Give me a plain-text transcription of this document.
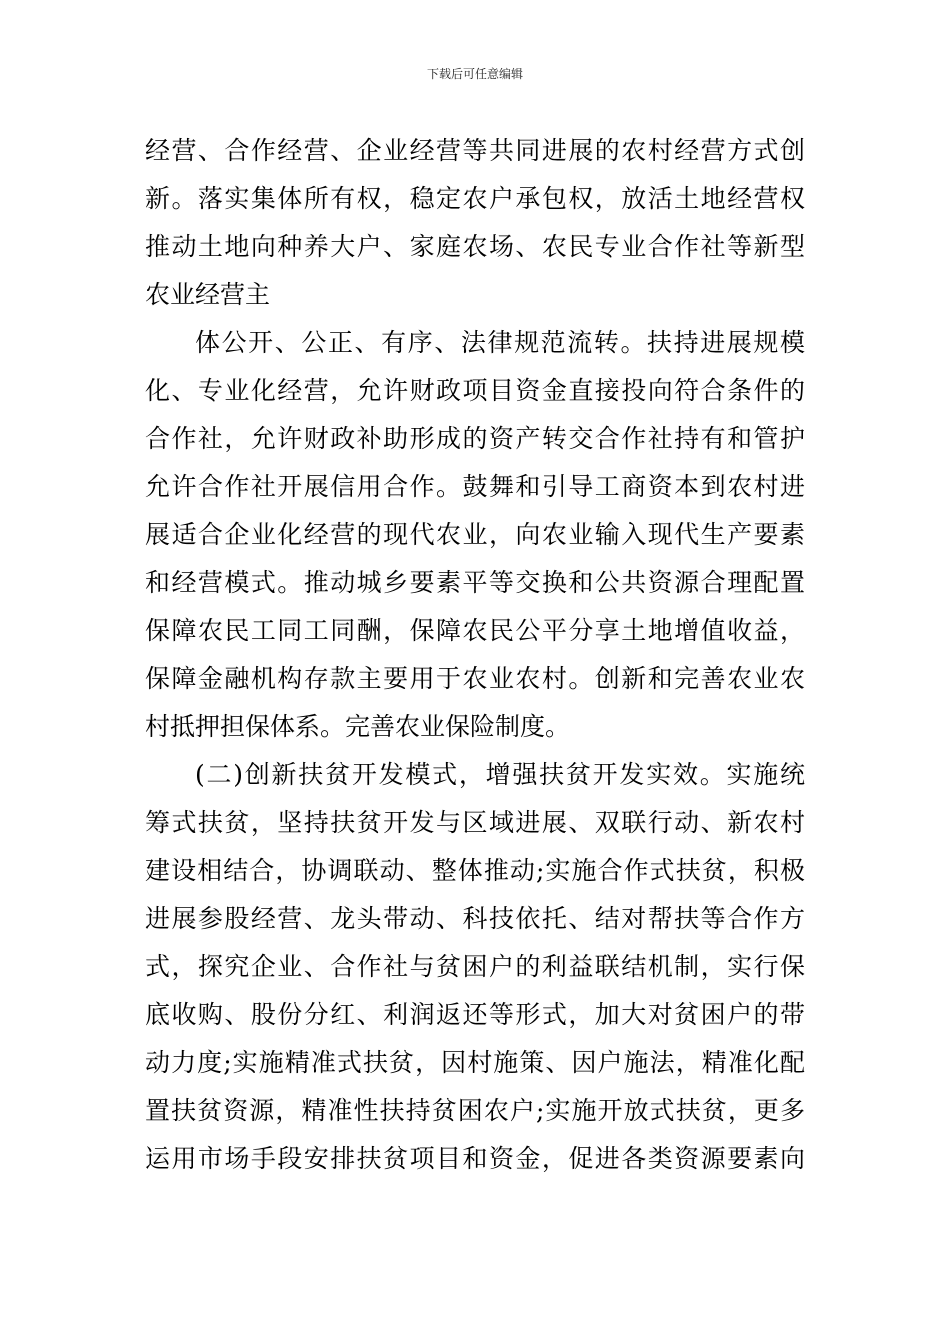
下载后可任意编辑
经营、合作经营、企业经营等共同进展的农村经营方式创
新。落实集体所有权，稳定农户承包权，放活土地经营权
推动土地向种养大户、家庭农场、农民专业合作社等新型
农业经营主
体公开、公正、有序、法律规范流转。扶持进展规模
化、专业化经营，允许财政项目资金直接投向符合条件的
合作社，允许财政补助形成的资产转交合作社持有和管护
允许合作社开展信用合作。鼓舞和引导工商资本到农村进
展适合企业化经营的现代农业，向农业输入现代生产要素
和经营模式。推动城乡要素平等交换和公共资源合理配置
保障农民工同工同酬，保障农民公平分享土地增值收益，
保障金融机构存款主要用于农业农村。创新和完善农业农
村抵押担保体系。完善农业保险制度。
(二)创新扶贫开发模式，增强扶贫开发实效。实施统
筹式扶贫，坚持扶贫开发与区域进展、双联行动、新农村
建设相结合，协调联动、整体推动;实施合作式扶贫，积极
进展参股经营、龙头带动、科技依托、结对帮扶等合作方
式，探究企业、合作社与贫困户的利益联结机制，实行保
底收购、股份分红、利润返还等形式，加大对贫困户的带
动力度;实施精准式扶贫，因村施策、因户施法，精准化配
置扶贫资源，精准性扶持贫困农户;实施开放式扶贫，更多
运用市场手段安排扶贫项目和资金，促进各类资源要素向
